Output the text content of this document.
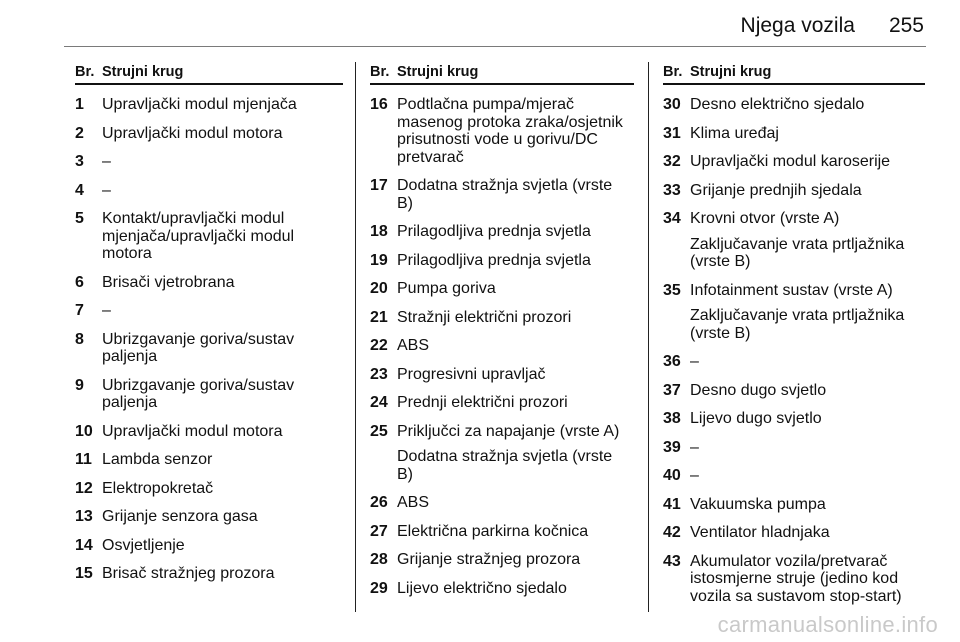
Njega vozila 255
Br. Strujni krug
1	Upravljački modul mjenjača
2	Upravljački modul motora
3	–
4	–
5	Kontakt/upravljački modul
mjenjača/upravljački modul
motora
6	Brisači vjetrobrana
7	–
8	Ubrizgavanje goriva/sustav
paljenja
9	Ubrizgavanje goriva/sustav
paljenja
10 Upravljački modul motora
11 Lambda senzor
12 Elektropokretač
13 Grijanje senzora gasa
14 Osvjetljenje
15 Brisač stražnjeg prozora
Br. Strujni krug
16 Podtlačna pumpa/mjerač
masenog protoka zraka/osjetnik
prisutnosti vode u gorivu/DC
pretvarač
17 Dodatna stražnja svjetla (vrste
B)
18 Prilagodljiva prednja svjetla
19 Prilagodljiva prednja svjetla
20 Pumpa goriva
21 Stražnji električni prozori
22 ABS
23 Progresivni upravljač
24 Prednji električni prozori
25 Priključci za napajanje (vrste A)
Dodatna stražnja svjetla (vrste
B)
26 ABS
27 Električna parkirna kočnica
28 Grijanje stražnjeg prozora
29 Lijevo električno sjedalo
Br. Strujni krug
30 Desno električno sjedalo
31 Klima uređaj
32 Upravljački modul karoserije
33 Grijanje prednjih sjedala
34 Krovni otvor (vrste A)
Zaključavanje vrata prtljažnika
(vrste B)
35 Infotainment sustav (vrste A)
Zaključavanje vrata prtljažnika
(vrste B)
36 –
37 Desno dugo svjetlo
38 Lijevo dugo svjetlo
39 –
40 –
41 Vakuumska pumpa
42 Ventilator hladnjaka
43 Akumulator vozila/pretvarač
istosmjerne struje (jedino kod
vozila sa sustavom stop-start)
carmanualsonline.info
